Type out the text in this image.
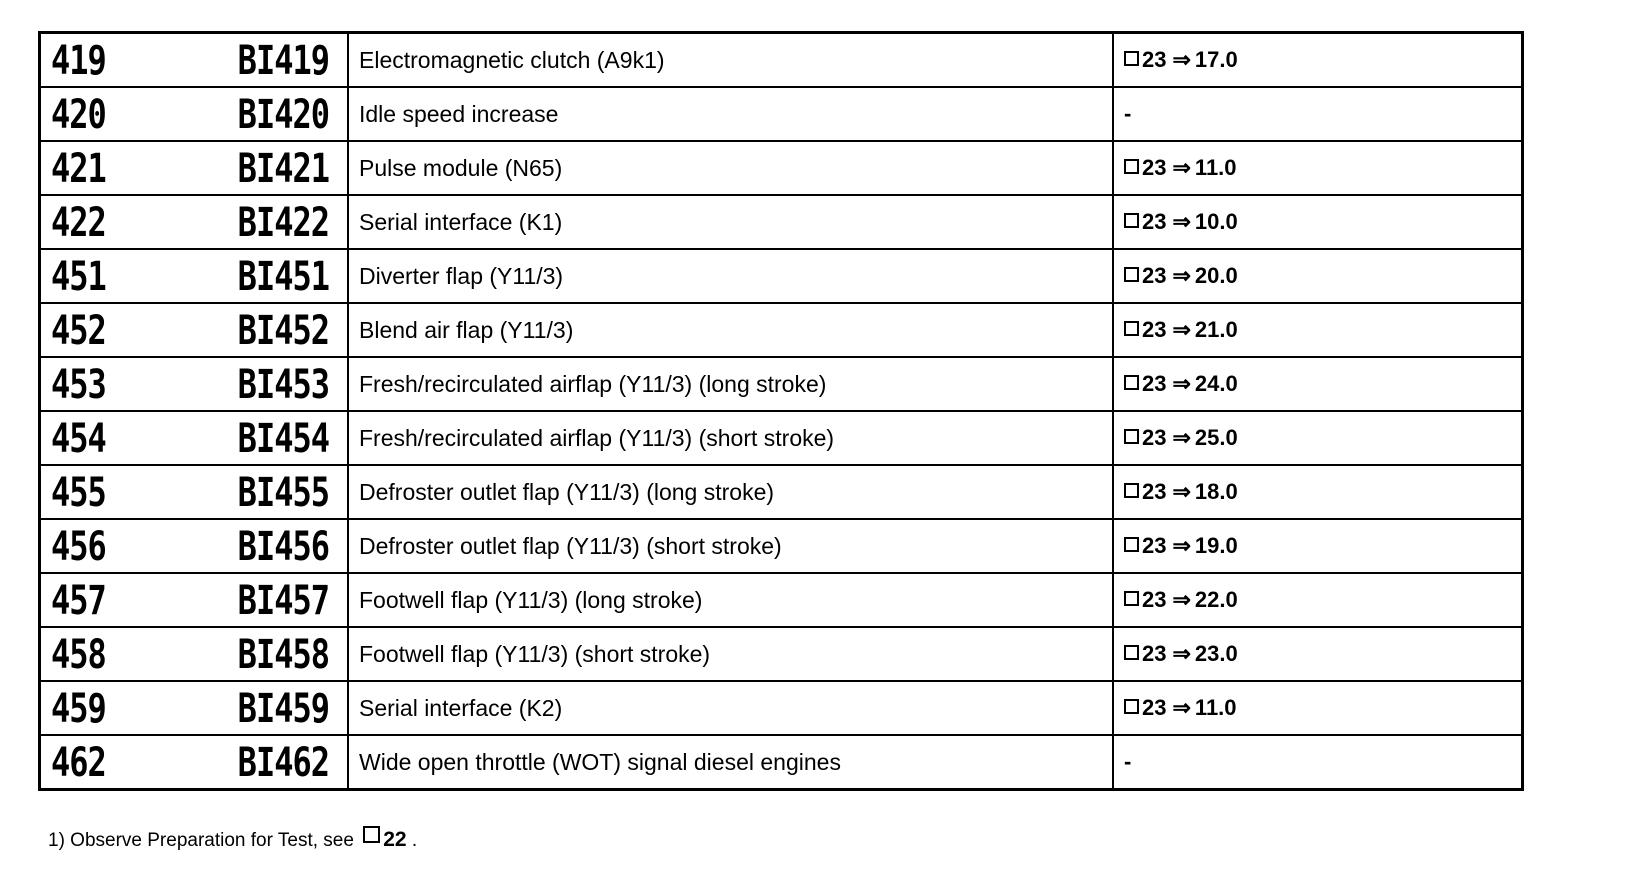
419 BI419	Electromagnetic clutch (A9k1)	23 ⇒ 17.0

420 BI420	Idle speed increase	-

421 BI421	Pulse module (N65)	23 ⇒ 11.0

422 BI422	Serial interface (K1)	23 ⇒ 10.0

451 BI451	Diverter flap (Y11/3)	23 ⇒ 20.0

452 BI452	Blend air flap (Y11/3)	23 ⇒ 21.0

453 BI453	Fresh/recirculated airflap (Y11/3) (long stroke)	23 ⇒ 24.0

454 BI454	Fresh/recirculated airflap (Y11/3) (short stroke)	23 ⇒ 25.0

455 BI455	Defroster outlet flap (Y11/3) (long stroke)	23 ⇒ 18.0

456 BI456	Defroster outlet flap (Y11/3) (short stroke)	23 ⇒ 19.0

457 BI457	Footwell flap (Y11/3) (long stroke)	23 ⇒ 22.0

458 BI458	Footwell flap (Y11/3) (short stroke)	23 ⇒ 23.0

459 BI459	Serial interface (K2)	23 ⇒ 11.0

462 BI462	Wide open throttle (WOT) signal diesel engines	-
1) Observe Preparation for Test, see 22 .
